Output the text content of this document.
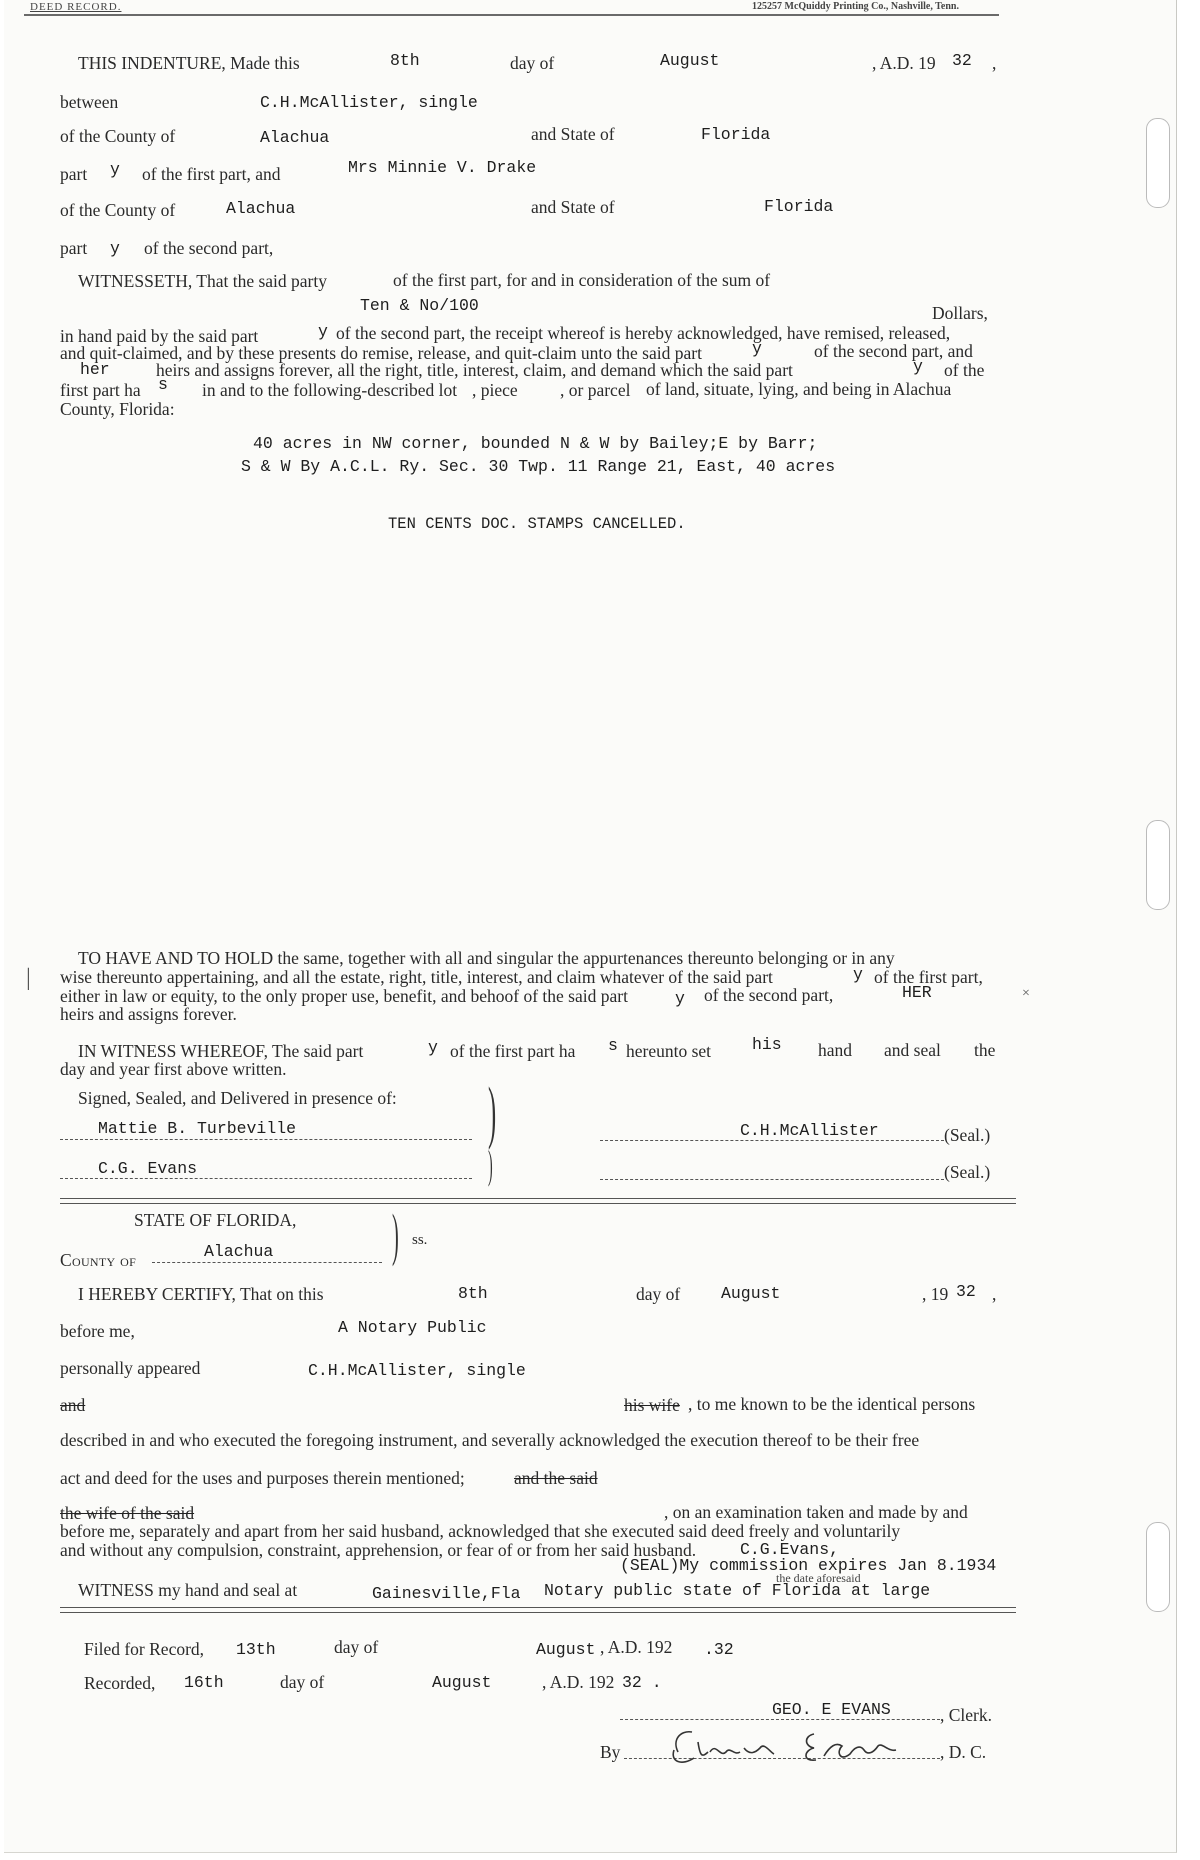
DEED RECORD.	125257 McQuiddy Printing Co., Nashville, Tenn.
THIS INDENTURE, Made this	8th	day of	August	, A.D. 19 32 ,
between	C.H.McAllister, single
of the County of	Alachua	and State of	Florida
part y of the first part, and	Mrs Minnie V. Drake
of the County of	Alachua	and State of	Florida
part y of the second part,
WITNESSETH, That the said party	of the first part, for and in consideration of the sum of
Ten & No/100	Dollars,
in hand paid by the said part	y of the second part, the receipt whereof is hereby acknowledged, have remised, released,
and quit-claimed, and by these presents do remise, release, and quit-claim unto the said part	y	of the second part, and
her	heirs and assigns forever, all the right, title, interest, claim, and demand which the said part	y of the
first part ha s in and to the following-described lot , piece , or parcel of land, situate, lying, and being in Alachua
County, Florida:
40 acres in NW corner, bounded N & W by Bailey;E by Barr;
S & W By A.C.L. Ry. Sec. 30 Twp. 11 Range 21, East, 40 acres
TEN CENTS DOC. STAMPS CANCELLED.
TO HAVE AND TO HOLD the same, together with all and singular the appurtenances thereunto belonging or in any
wise thereunto appertaining, and all the estate, right, title, interest, and claim whatever of the said part	y of the first part,
either in law or equity, to the only proper use, benefit, and behoof of the said part	y of the second part,	HER
heirs and assigns forever.
IN WITNESS WHEREOF, The said part	y of the first part ha s hereunto set his hand and seal the
day and year first above written.
Signed, Sealed, and Delivered in presence of: )
)
Mattie B. Turbeville
C.G. Evans
C.H.McAllister	(Seal.)
(Seal.)
STATE OF FLORIDA, ) ss.
County of	Alachua
I HEREBY CERTIFY, That on this	8th	day of August	, 19 32 ,
before me,	A Notary Public
personally appeared	C.H.McAllister, single
and	his wife , to me known to be the identical persons
described in and who executed the foregoing instrument, and severally acknowledged the execution thereof to be their free
act and deed for the uses and purposes therein mentioned;	and the said
the wife of the said	, on an examination taken and made by and
before me, separately and apart from her said husband, acknowledged that she executed said deed freely and voluntarily
and without any compulsion, constraint, apprehension, or fear of or from her said husband.	C.G.Evans,
(SEAL)My commission expires Jan 8.1934
WITNESS my hand and seal at	Gainesville,Fla Notary public state of Florida at large
the date aforesaid
Filed for Record, 13th	day of	August , A.D. 192 .32
Recorded, 16th	day of	August	, A.D. 192 32 .
GEO. E EVANS	, Clerk.
By	, D. C.
×
|
